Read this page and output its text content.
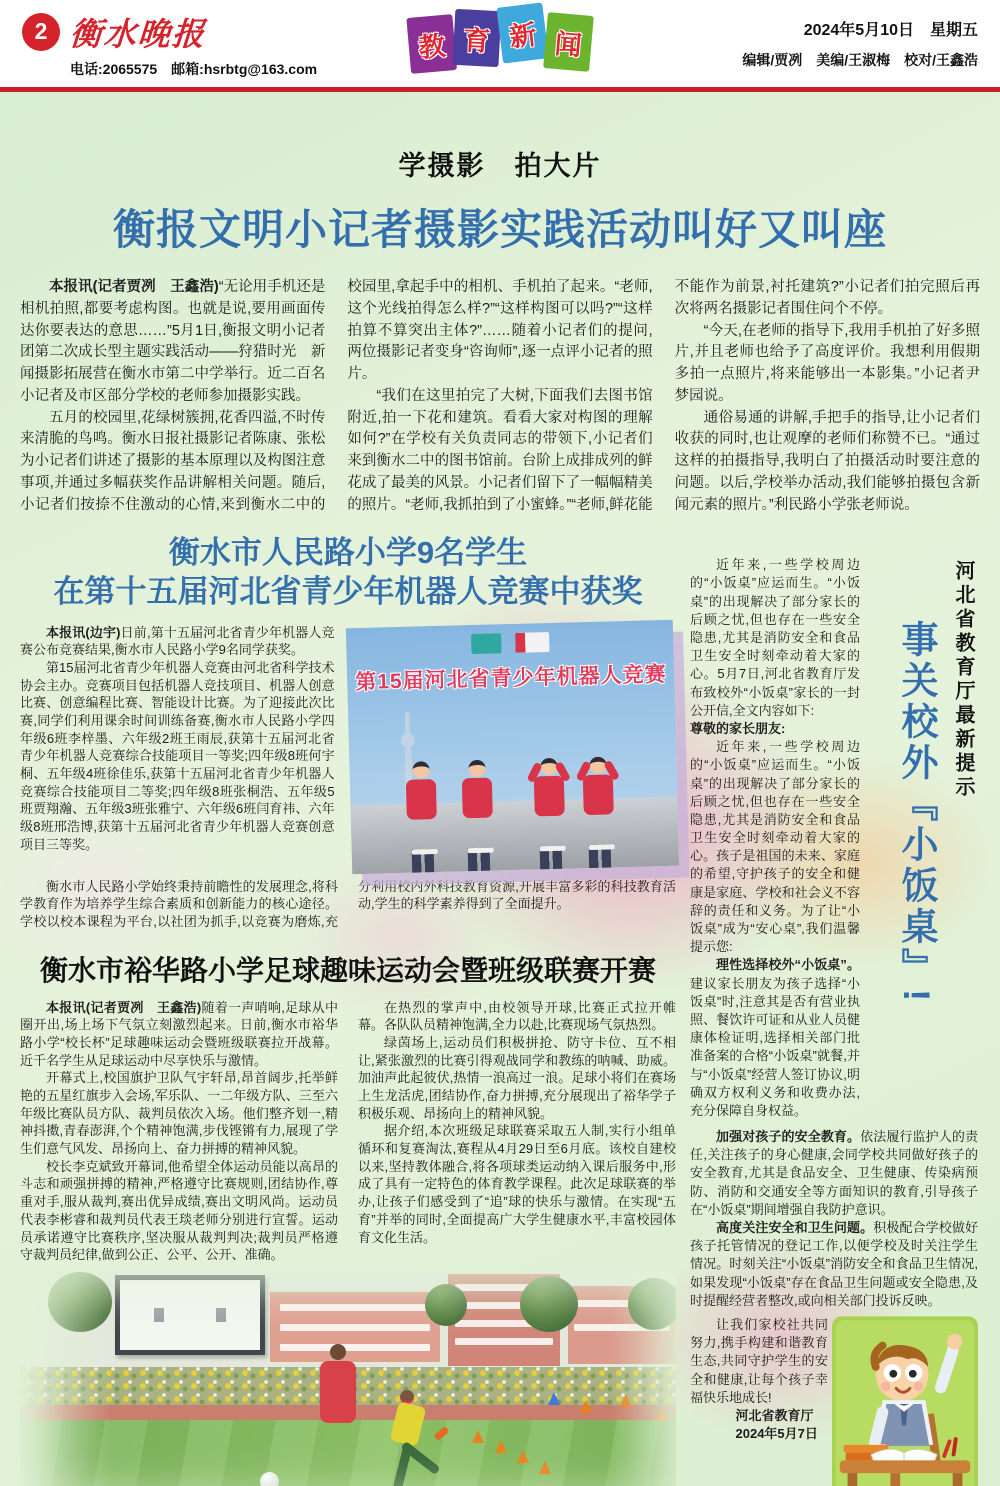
2 衡水晚报
电话:2065575　邮箱:hsrbtg@163.com
教 育 新 闻	2024年5月10日　星期五
编辑/贾冽　美编/王淑梅　校对/王鑫浩
学摄影　拍大片
衡报文明小记者摄影实践活动叫好又叫座

本报讯(记者贾冽　王鑫浩)“无论用手机还是相机拍照,都要考虑构图。也就是说,要用画面传达你要表达的意思……”5月1日,衡报文明小记者团第二次成长型主题实践活动——狩猎时光　新闻摄影拓展营在衡水市第二中学举行。近二百名小记者及市区部分学校的老师参加摄影实践。

五月的校园里,花绿树簇拥,花香四溢,不时传来清脆的鸟鸣。衡水日报社摄影记者陈康、张松为小记者们讲述了摄影的基本原理以及构图注意事项,并通过多幅获奖作品讲解相关问题。随后,小记者们按捺不住激动的心情,来到衡水二中的校园里,拿起手中的相机、手机拍了起来。“老师,这个光线拍得怎么样?”“这样构图可以吗?”“这样拍算不算突出主体?”……随着小记者们的提问,两位摄影记者变身“咨询师”,逐一点评小记者的照片。

“我们在这里拍完了大树,下面我们去图书馆附近,拍一下花和建筑。看看大家对构图的理解如何?”在学校有关负责同志的带领下,小记者们来到衡水二中的图书馆前。台阶上成排成列的鲜花成了最美的风景。小记者们留下了一幅幅精美的照片。“老师,我抓拍到了小蜜蜂。”“老师,鲜花能不能作为前景,衬托建筑?”小记者们拍完照后再次将两名摄影记者围住问个不停。

“今天,在老师的指导下,我用手机拍了好多照片,并且老师也给予了高度评价。我想利用假期多拍一点照片,将来能够出一本影集。”小记者尹梦园说。

通俗易通的讲解,手把手的指导,让小记者们收获的同时,也让观摩的老师们称赞不已。“通过这样的拍摄指导,我明白了拍摄活动时要注意的问题。以后,学校举办活动,我们能够拍摄包含新闻元素的照片。”利民路小学张老师说。

衡水市人民路小学9名学生
在第十五届河北省青少年机器人竞赛中获奖

本报讯(边宇)日前,第十五届河北省青少年机器人竞赛公布竞赛结果,衡水市人民路小学9名同学获奖。

第15届河北省青少年机器人竞赛由河北省科学技术协会主办。竞赛项目包括机器人竞技项目、机器人创意比赛、创意编程比赛、智能设计比赛。为了迎接此次比赛,同学们利用课余时间训练备赛,衡水市人民路小学四年级6班李梓墨、六年级2班王雨辰,获第十五届河北省青少年机器人竞赛综合技能项目一等奖;四年级8班何宇桐、五年级4班徐佳乐,获第十五届河北省青少年机器人竞赛综合技能项目二等奖;四年级8班张桐浩、五年级5班贾翔瀚、五年级3班张雅宁、六年级6班闫育祎、六年级8班邢浩博,获第十五届河北省青少年机器人竞赛创意项目三等奖。

第15届河北省青少年机器人竞赛

衡水市人民路小学始终秉持前瞻性的发展理念,将科学教育作为培养学生综合素质和创新能力的核心途径。学校以校本课程为平台,以社团为抓手,以竞赛为磨炼,充分利用校内外科技教育资源,开展丰富多彩的科技教育活动,学生的科学素养得到了全面提升。

衡水市裕华路小学足球趣味运动会暨班级联赛开赛

本报讯(记者贾冽　王鑫浩)随着一声哨响,足球从中圈开出,场上场下气氛立刻激烈起来。日前,衡水市裕华路小学“校长杯”足球趣味运动会暨班级联赛拉开战幕。近千名学生从足球运动中尽享快乐与激情。

开幕式上,校国旗护卫队气宇轩昂,昂首阔步,托举鲜艳的五星红旗步入会场,军乐队、一二年级方队、三至六年级比赛队员方队、裁判员依次入场。他们整齐划一,精神抖擞,青春澎湃,个个精神饱满,步伐铿锵有力,展现了学生们意气风发、昂扬向上、奋力拼搏的精神风貌。

校长李克斌致开幕词,他希望全体运动员能以高昂的斗志和顽强拼搏的精神,严格遵守比赛规则,团结协作,尊重对手,服从裁判,赛出优异成绩,赛出文明风尚。运动员代表李彬睿和裁判员代表王琰老师分别进行宣誓。运动员承诺遵守比赛秩序,坚决服从裁判判决;裁判员严格遵守裁判员纪律,做到公正、公平、公开、准确。

在热烈的掌声中,由校领导开球,比赛正式拉开帷幕。各队队员精神饱满,全力以赴,比赛现场气氛热烈。

绿茵场上,运动员们积极拼抢、防守卡位、互不相让,紧张激烈的比赛引得观战同学和教练的呐喊、助威。加油声此起彼伏,热情一浪高过一浪。足球小将们在赛场上生龙活虎,团结协作,奋力拼搏,充分展现出了裕华学子积极乐观、昂扬向上的精神风貌。

据介绍,本次班级足球联赛采取五人制,实行小组单循环和复赛淘汰,赛程从4月29日至6月底。该校自建校以来,坚持教体融合,将各项球类运动纳入课后服务中,形成了具有一定特色的体育教学课程。此次足球联赛的举办,让孩子们感受到了“追”球的快乐与激情。在实现“五育”并举的同时,全面提高广大学生健康水平,丰富校园体育文化生活。

近年来,一些学校周边的“小饭桌”应运而生。“小饭桌”的出现解决了部分家长的后顾之忧,但也存在一些安全隐患,尤其是消防安全和食品卫生安全时刻牵动着大家的心。5月7日,河北省教育厅发布致校外“小饭桌”家长的一封公开信,全文内容如下:

尊敬的家长朋友:

近年来,一些学校周边的“小饭桌”应运而生。“小饭桌”的出现解决了部分家长的后顾之忧,但也存在一些安全隐患,尤其是消防安全和食品卫生安全时刻牵动着大家的心。孩子是祖国的未来、家庭的希望,守护孩子的安全和健康是家庭、学校和社会义不容辞的责任和义务。为了让“小饭桌”成为“安心桌”,我们温馨提示您:

理性选择校外“小饭桌”。建议家长朋友为孩子选择“小饭桌”时,注意其是否有营业执照、餐饮许可证和从业人员健康体检证明,选择相关部门批准备案的合格“小饭桌”就餐,并与“小饭桌”经营人签订协议,明确双方权利义务和收费办法,充分保障自身权益。

事关校外『小饭桌』! 河北省教育厅最新提示

加强对孩子的安全教育。依法履行监护人的责任,关注孩子的身心健康,会同学校共同做好孩子的安全教育,尤其是食品安全、卫生健康、传染病预防、消防和交通安全等方面知识的教育,引导孩子在“小饭桌”期间增强自我防护意识。

高度关注安全和卫生问题。积极配合学校做好孩子托管情况的登记工作,以便学校及时关注学生情况。时刻关注“小饭桌”消防安全和食品卫生情况,如果发现“小饭桌”存在食品卫生问题或安全隐患,及时提醒经营者整改,或向相关部门投诉反映。

让我们家校社共同努力,携手构建和谐教育生态,共同守护学生的安全和健康,让每个孩子幸福快乐地成长!

河北省教育厅

2024年5月7日
